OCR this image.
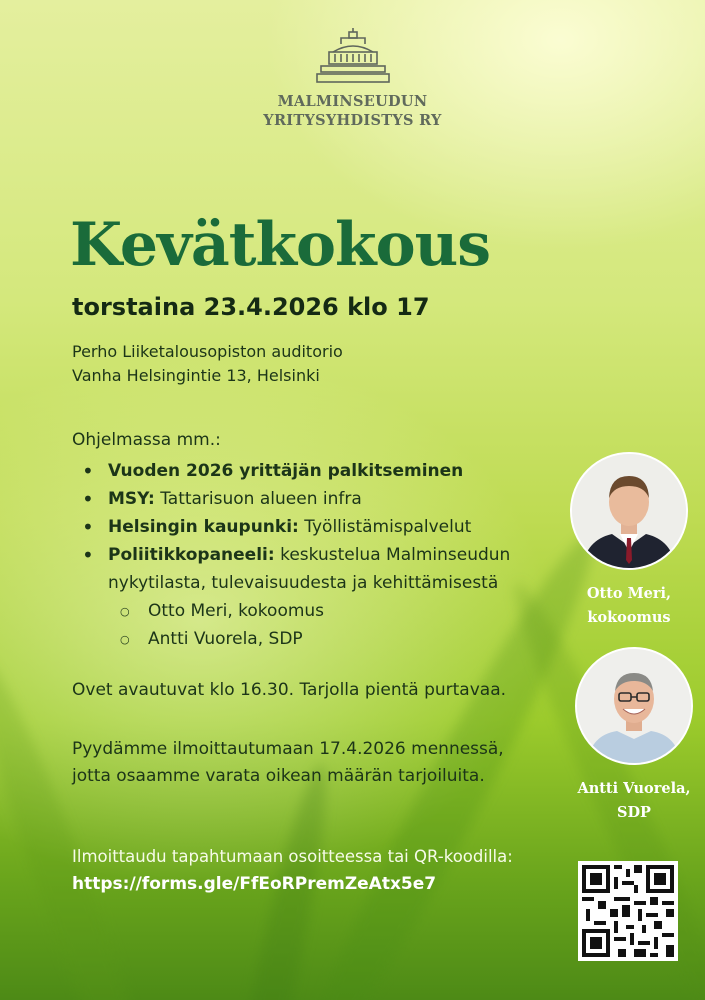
MALMINSEUDUN
YRITYSYHDISTYS RY
Kevätkokous
torstaina 23.4.2026 klo 17
Perho Liiketalousopiston auditorio
Vanha Helsingintie 13, Helsinki
Ohjelmassa mm.:
• Vuoden 2026 yrittäjän palkitseminen
• MSY: Tattarisuon alueen infra
• Helsingin kaupunki: Työllistämispalvelut
• Poliitikkopaneeli: keskustelua Malminseudun nykytilasta, tulevaisuudesta ja kehittämisestä
○ Otto Meri, kokoomus
○ Antti Vuorela, SDP
Ovet avautuvat klo 16.30. Tarjolla pientä purtavaa.
Pyydämme ilmoittautumaan 17.4.2026 mennessä,
jotta osaamme varata oikean määrän tarjoiluita.
Ilmoittaudu tapahtumaan osoitteessa tai QR-koodilla:
https://forms.gle/FfEoRPremZeAtx5e7
Otto Meri,
kokoomus
Antti Vuorela,
SDP
